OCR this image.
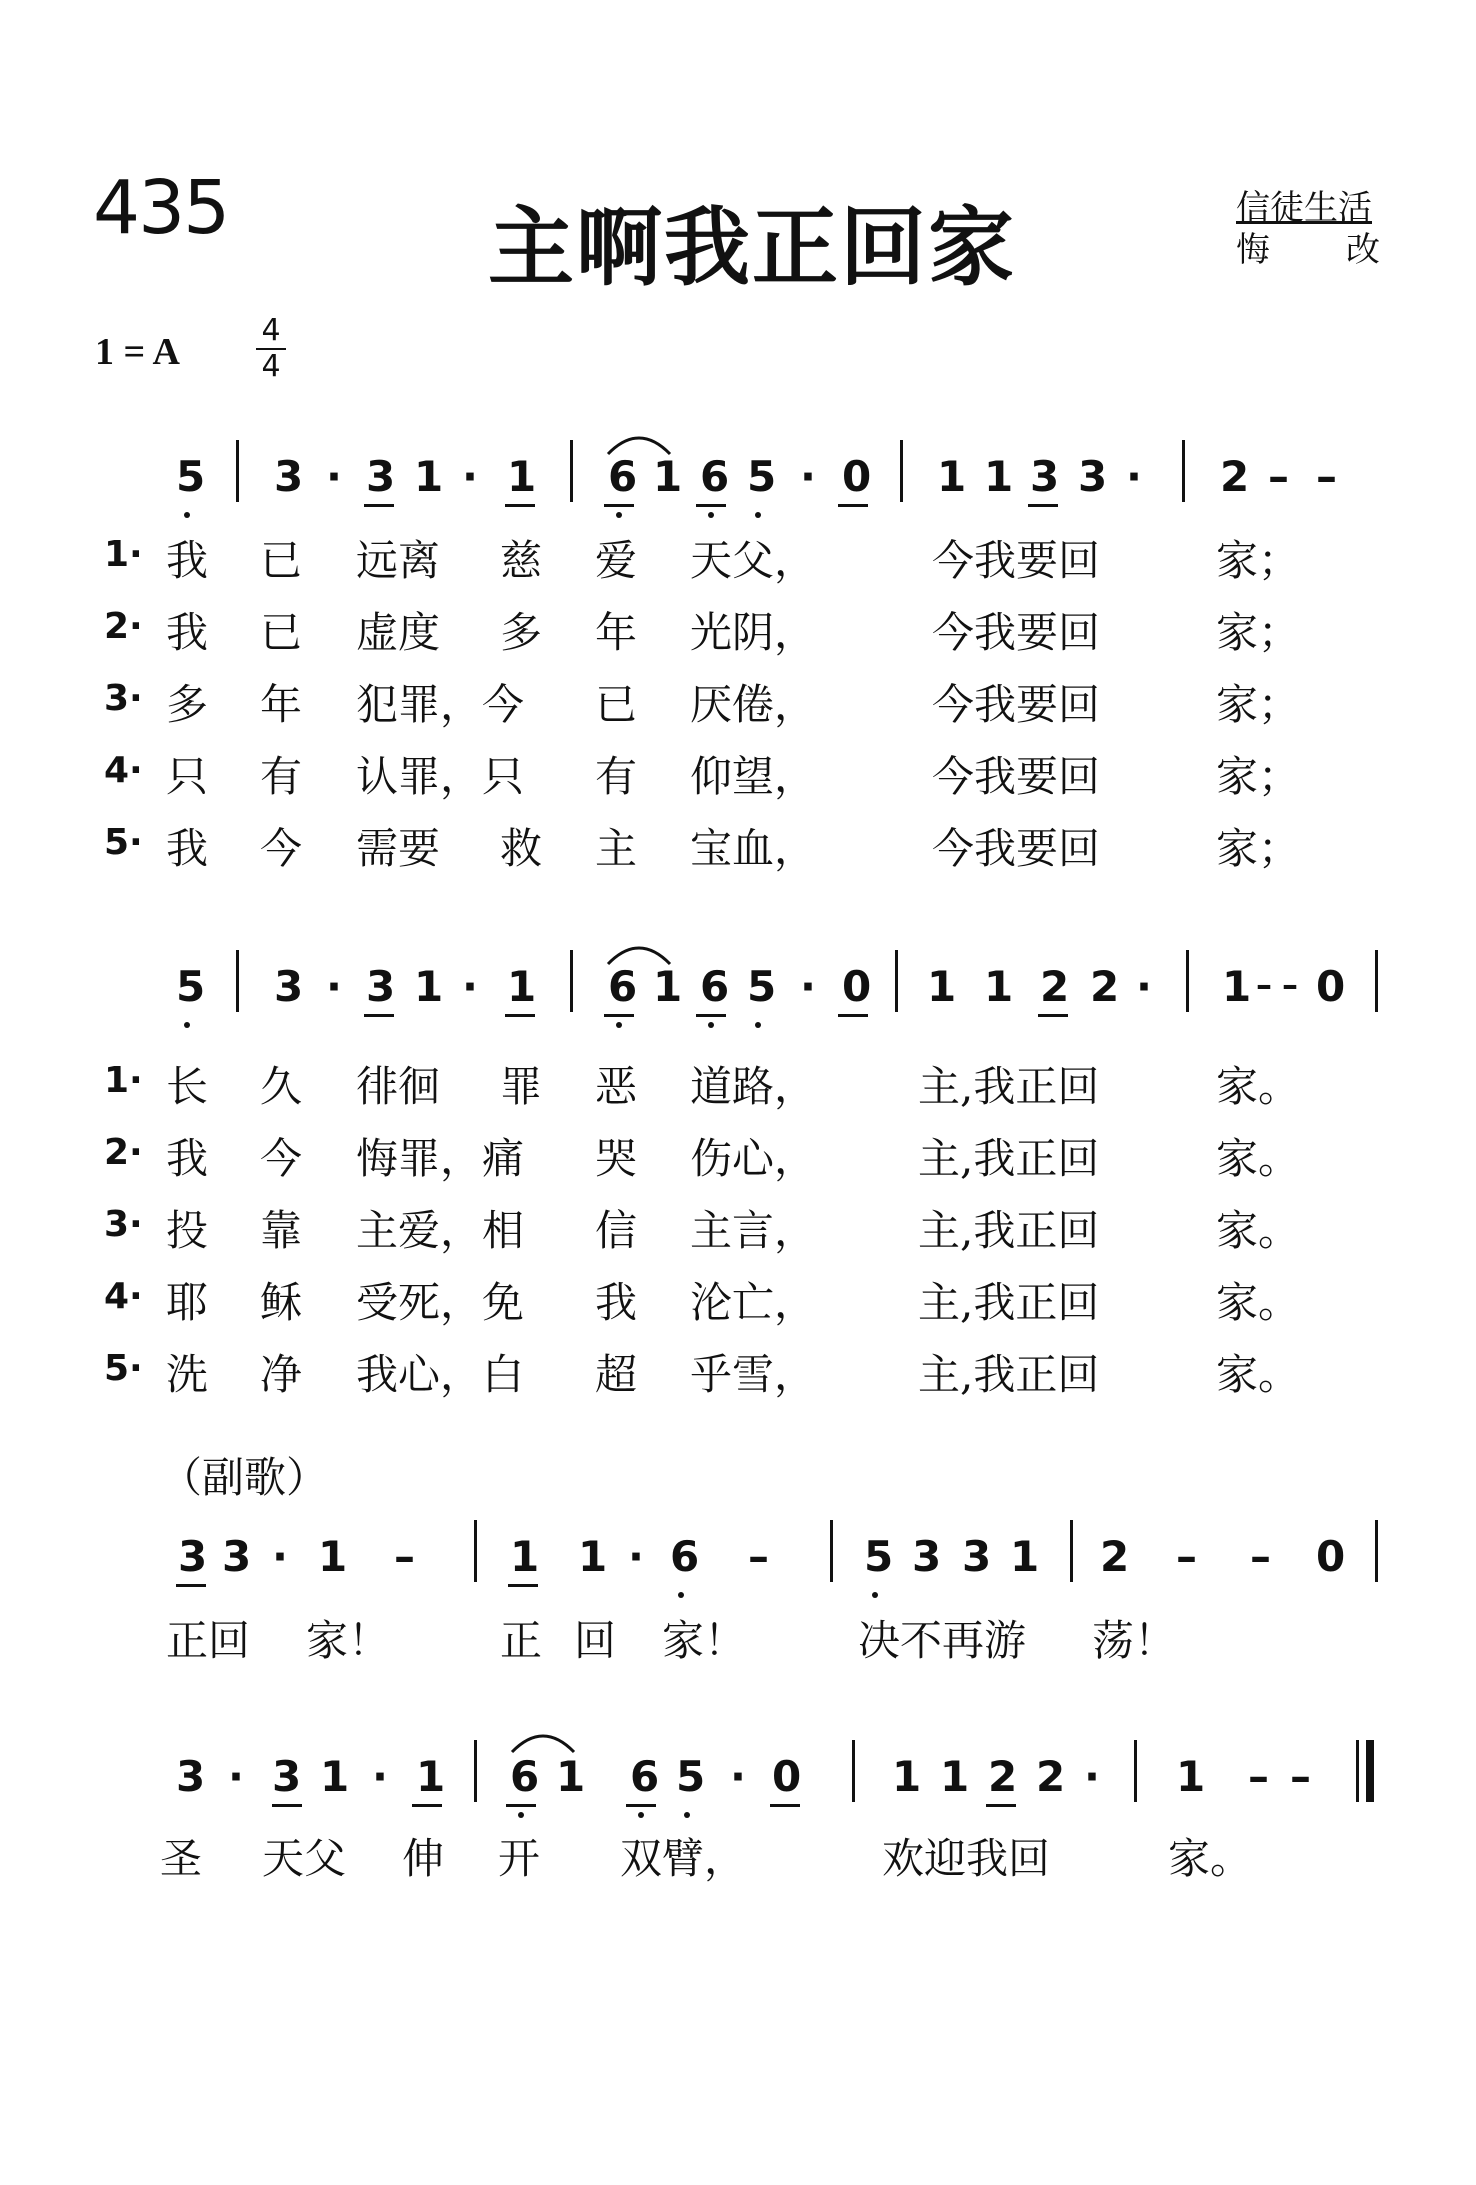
435	主啊我正回家	信徒生活
悔 改
1 = A
4
4
5 3 · 3 1 · 1 6 1 6 5 · 0 1 1 3 3 · 2 – –
1· 我 已 远离 慈 爱 天父，	今我要回	家；
2· 我 已 虚度 多 年 光阴，	今我要回	家；
3· 多 年 犯罪，今 已 厌倦，	今我要回	家；
4· 只 有 认罪，只 有 仰望，	今我要回	家；
5· 我 今 需要 救 主 宝血，	今我要回	家；
5 3 · 3 1 · 1 6 1 6 5 · 0 1 1 2 2 · 1 – – 0
1· 长 久 徘徊 罪 恶 道路， 主,我正回	家。
2· 我 今 悔罪，痛 哭 伤心， 主,我正回	家。
3· 投 靠 主爱，相 信 主言， 主,我正回	家。
4· 耶 稣 受死，免 我 沦亡， 主,我正回	家。
5· 洗 净 我心，白 超 乎雪， 主,我正回	家。
（副歌）
3 3 · 1 – 1 1 · 6 – 5 3 3 1 2 – – 0
正回 家！	正 回 家！	决不再游 荡！
3 · 3 1 · 1 6 1 6 5 · 0 1 1 2 2 · 1 – –
圣 天父 伸 开 双臂，	欢迎我回	家。
